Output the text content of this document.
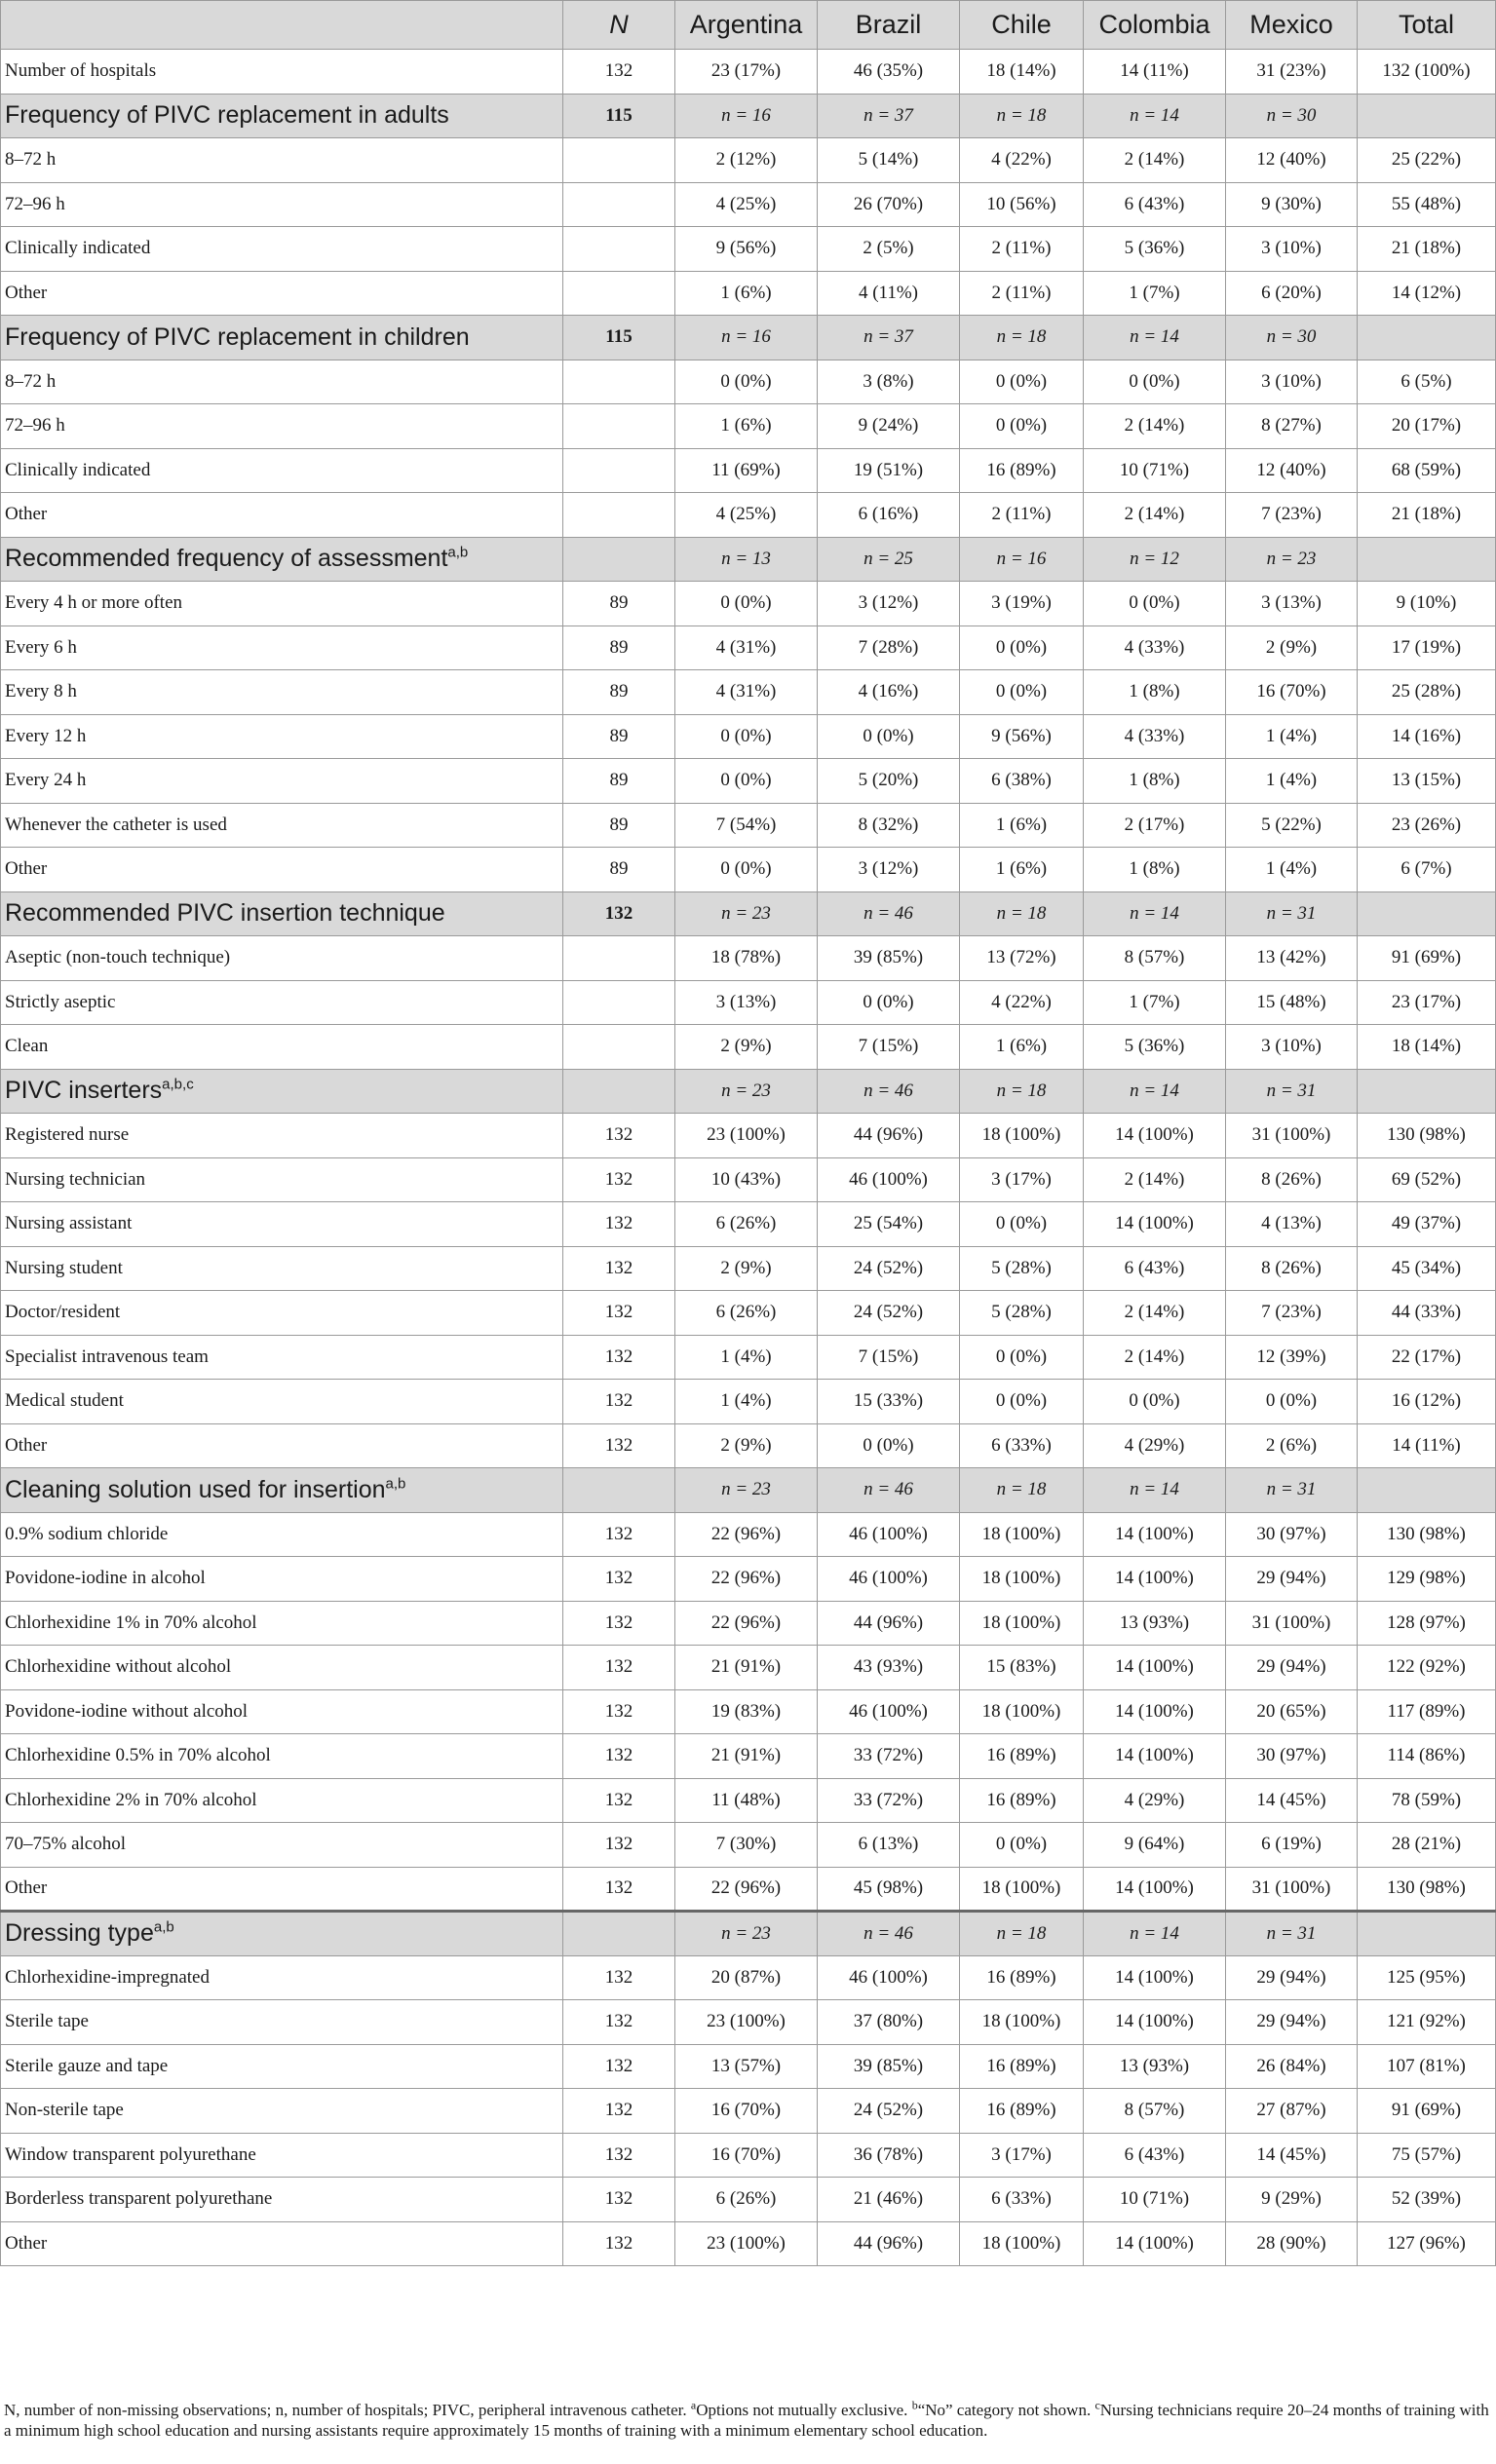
	N	Argentina	Brazil	Chile	Colombia	Mexico	Total
Number of hospitals	132	23 (17%)	46 (35%)	18 (14%)	14 (11%)	31 (23%)	132 (100%)
Frequency of PIVC replacement in adults	115	n = 16	n = 37	n = 18	n = 14	n = 30	
8–72 h		2 (12%)	5 (14%)	4 (22%)	2 (14%)	12 (40%)	25 (22%)
72–96 h		4 (25%)	26 (70%)	10 (56%)	6 (43%)	9 (30%)	55 (48%)
Clinically indicated		9 (56%)	2 (5%)	2 (11%)	5 (36%)	3 (10%)	21 (18%)
Other		1 (6%)	4 (11%)	2 (11%)	1 (7%)	6 (20%)	14 (12%)
Frequency of PIVC replacement in children	115	n = 16	n = 37	n = 18	n = 14	n = 30	
8–72 h		0 (0%)	3 (8%)	0 (0%)	0 (0%)	3 (10%)	6 (5%)
72–96 h		1 (6%)	9 (24%)	0 (0%)	2 (14%)	8 (27%)	20 (17%)
Clinically indicated		11 (69%)	19 (51%)	16 (89%)	10 (71%)	12 (40%)	68 (59%)
Other		4 (25%)	6 (16%)	2 (11%)	2 (14%)	7 (23%)	21 (18%)
Recommended frequency of assessment$^{a,b}$		n = 13	n = 25	n = 16	n = 12	n = 23	
Every 4 h or more often	89	0 (0%)	3 (12%)	3 (19%)	0 (0%)	3 (13%)	9 (10%)
Every 6 h	89	4 (31%)	7 (28%)	0 (0%)	4 (33%)	2 (9%)	17 (19%)
Every 8 h	89	4 (31%)	4 (16%)	0 (0%)	1 (8%)	16 (70%)	25 (28%)
Every 12 h	89	0 (0%)	0 (0%)	9 (56%)	4 (33%)	1 (4%)	14 (16%)
Every 24 h	89	0 (0%)	5 (20%)	6 (38%)	1 (8%)	1 (4%)	13 (15%)
Whenever the catheter is used	89	7 (54%)	8 (32%)	1 (6%)	2 (17%)	5 (22%)	23 (26%)
Other	89	0 (0%)	3 (12%)	1 (6%)	1 (8%)	1 (4%)	6 (7%)
Recommended PIVC insertion technique	132	n = 23	n = 46	n = 18	n = 14	n = 31	
Aseptic (non-touch technique)		18 (78%)	39 (85%)	13 (72%)	8 (57%)	13 (42%)	91 (69%)
Strictly aseptic		3 (13%)	0 (0%)	4 (22%)	1 (7%)	15 (48%)	23 (17%)
Clean		2 (9%)	7 (15%)	1 (6%)	5 (36%)	3 (10%)	18 (14%)
PIVC inserters$^{a,b,c}$		n = 23	n = 46	n = 18	n = 14	n = 31	
Registered nurse	132	23 (100%)	44 (96%)	18 (100%)	14 (100%)	31 (100%)	130 (98%)
Nursing technician	132	10 (43%)	46 (100%)	3 (17%)	2 (14%)	8 (26%)	69 (52%)
Nursing assistant	132	6 (26%)	25 (54%)	0 (0%)	14 (100%)	4 (13%)	49 (37%)
Nursing student	132	2 (9%)	24 (52%)	5 (28%)	6 (43%)	8 (26%)	45 (34%)
Doctor/resident	132	6 (26%)	24 (52%)	5 (28%)	2 (14%)	7 (23%)	44 (33%)
Specialist intravenous team	132	1 (4%)	7 (15%)	0 (0%)	2 (14%)	12 (39%)	22 (17%)
Medical student	132	1 (4%)	15 (33%)	0 (0%)	0 (0%)	0 (0%)	16 (12%)
Other	132	2 (9%)	0 (0%)	6 (33%)	4 (29%)	2 (6%)	14 (11%)
Cleaning solution used for insertion$^{a,b}$		n = 23	n = 46	n = 18	n = 14	n = 31	
0.9% sodium chloride	132	22 (96%)	46 (100%)	18 (100%)	14 (100%)	30 (97%)	130 (98%)
Povidone-iodine in alcohol	132	22 (96%)	46 (100%)	18 (100%)	14 (100%)	29 (94%)	129 (98%)
Chlorhexidine 1% in 70% alcohol	132	22 (96%)	44 (96%)	18 (100%)	13 (93%)	31 (100%)	128 (97%)
Chlorhexidine without alcohol	132	21 (91%)	43 (93%)	15 (83%)	14 (100%)	29 (94%)	122 (92%)
Povidone-iodine without alcohol	132	19 (83%)	46 (100%)	18 (100%)	14 (100%)	20 (65%)	117 (89%)
Chlorhexidine 0.5% in 70% alcohol	132	21 (91%)	33 (72%)	16 (89%)	14 (100%)	30 (97%)	114 (86%)
Chlorhexidine 2% in 70% alcohol	132	11 (48%)	33 (72%)	16 (89%)	4 (29%)	14 (45%)	78 (59%)
70–75% alcohol	132	7 (30%)	6 (13%)	0 (0%)	9 (64%)	6 (19%)	28 (21%)
Other	132	22 (96%)	45 (98%)	18 (100%)	14 (100%)	31 (100%)	130 (98%)
Dressing type$^{a,b}$		n = 23	n = 46	n = 18	n = 14	n = 31	
Chlorhexidine-impregnated	132	20 (87%)	46 (100%)	16 (89%)	14 (100%)	29 (94%)	125 (95%)
Sterile tape	132	23 (100%)	37 (80%)	18 (100%)	14 (100%)	29 (94%)	121 (92%)
Sterile gauze and tape	132	13 (57%)	39 (85%)	16 (89%)	13 (93%)	26 (84%)	107 (81%)
Non-sterile tape	132	16 (70%)	24 (52%)	16 (89%)	8 (57%)	27 (87%)	91 (69%)
Window transparent polyurethane	132	16 (70%)	36 (78%)	3 (17%)	6 (43%)	14 (45%)	75 (57%)
Borderless transparent polyurethane	132	6 (26%)	21 (46%)	6 (33%)	10 (71%)	9 (29%)	52 (39%)
Other	132	23 (100%)	44 (96%)	18 (100%)	14 (100%)	28 (90%)	127 (96%)
N, number of non-missing observations; n, number of hospitals; PIVC, peripheral intravenous catheter. $^a$Options not mutually exclusive. $^b$“No” category not shown. $^c$Nursing technicians require 20–24 months of training with a minimum high school education and nursing assistants require approximately 15 months of training with a minimum elementary school education.
